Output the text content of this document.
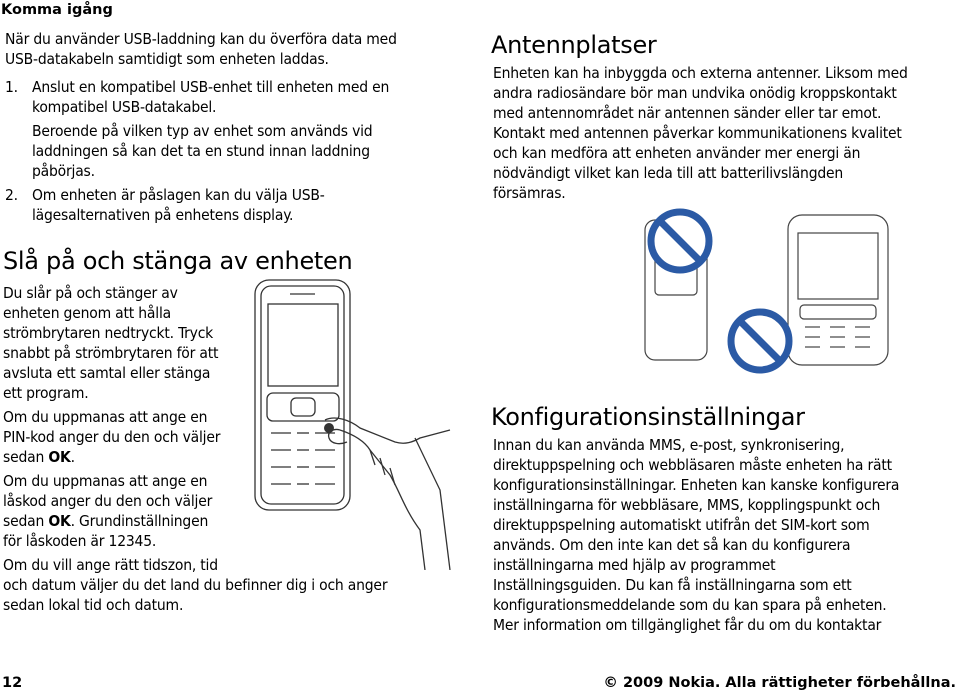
Komma igång
När du använder USB-laddning kan du överföra data med
USB-datakabeln samtidigt som enheten laddas.
1. Anslut en kompatibel USB-enhet till enheten med en
kompatibel USB-datakabel.
Beroende på vilken typ av enhet som används vid
laddningen så kan det ta en stund innan laddning
påbörjas.
2. Om enheten är påslagen kan du välja USB-
lägesalternativen på enhetens display.
Slå på och stänga av enheten
Du slår på och stänger av
enheten genom att hålla
strömbrytaren nedtryckt. Tryck
snabbt på strömbrytaren för att
avsluta ett samtal eller stänga
ett program.
Om du uppmanas att ange en
PIN-kod anger du den och väljer
sedan OK.
Om du uppmanas att ange en
låskod anger du den och väljer
sedan OK. Grundinställningen
för låskoden är 12345.
Om du vill ange rätt tidszon, tid
och datum väljer du det land du befinner dig i och anger
sedan lokal tid och datum.
Antennplatser
Enheten kan ha inbyggda och externa antenner. Liksom med
andra radiosändare bör man undvika onödig kroppskontakt
med antennområdet när antennen sänder eller tar emot.
Kontakt med antennen påverkar kommunikationens kvalitet
och kan medföra att enheten använder mer energi än
nödvändigt vilket kan leda till att batterilivslängden
försämras.
Konfigurationsinställningar
Innan du kan använda MMS, e-post, synkronisering,
direktuppspelning och webbläsaren måste enheten ha rätt
konfigurationsinställningar. Enheten kan kanske konfigurera
inställningarna för webbläsare, MMS, kopplingspunkt och
direktuppspelning automatiskt utifrån det SIM-kort som
används. Om den inte kan det så kan du konfigurera
inställningarna med hjälp av programmet
Inställningsguiden. Du kan få inställningarna som ett
konfigurationsmeddelande som du kan spara på enheten.
Mer information om tillgänglighet får du om du kontaktar
12	© 2009 Nokia. Alla rättigheter förbehållna.
